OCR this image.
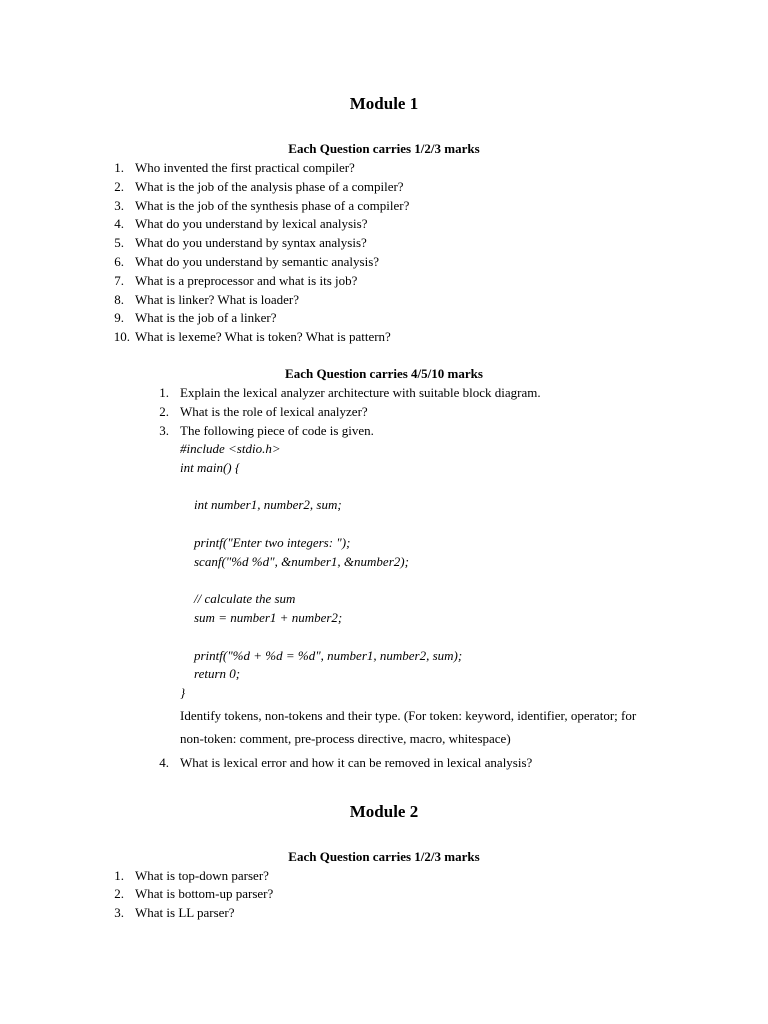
Module 1
Each Question carries 1/2/3 marks
1. Who invented the first practical compiler?
2. What is the job of the analysis phase of a compiler?
3. What is the job of the synthesis phase of a compiler?
4. What do you understand by lexical analysis?
5. What do you understand by syntax analysis?
6. What do you understand by semantic analysis?
7. What is a preprocessor and what is its job?
8. What is linker? What is loader?
9. What is the job of a linker?
10. What is lexeme? What is token? What is pattern?
Each Question carries 4/5/10 marks
1. Explain the lexical analyzer architecture with suitable block diagram.
2. What is the role of lexical analyzer?
3. The following piece of code is given.
#include <stdio.h>
int main() {
int number1, number2, sum;
printf("Enter two integers: ");
scanf("%d %d", &number1, &number2);
// calculate the sum
sum = number1 + number2;
printf("%d + %d = %d", number1, number2, sum);
return 0;
}
Identify tokens, non-tokens and their type. (For token: keyword, identifier, operator; for
non-token: comment, pre-process directive, macro, whitespace)
4. What is lexical error and how it can be removed in lexical analysis?
Module 2
Each Question carries 1/2/3 marks
1. What is top-down parser?
2. What is bottom-up parser?
3. What is LL parser?
